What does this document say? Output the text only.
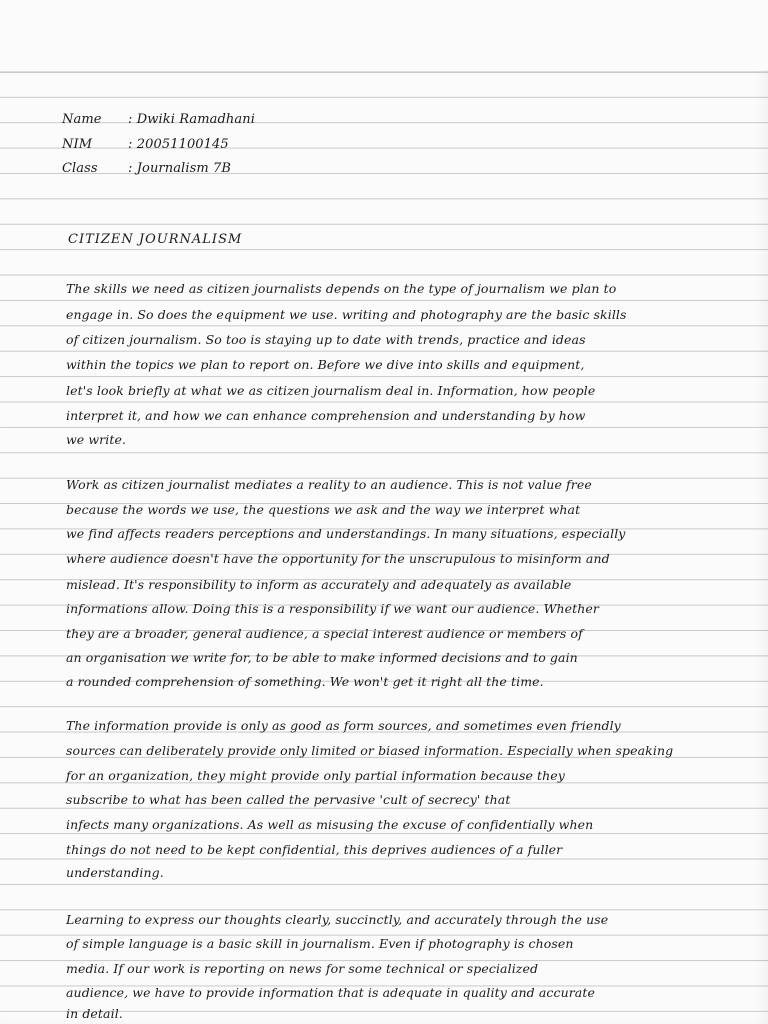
Name : Dwiki Ramadhani
NIM	: 20051100145
Class : Journalism 7B
CITIZEN JOURNALISM
The skills we need as citizen journalists depends on the type of journalism we plan to
engage in. So does the equipment we use. writing and photography are the basic skills
of citizen journalism. So too is staying up to date with trends, practice and ideas
within the topics we plan to report on. Before we dive into skills and equipment,
let's look briefly at what we as citizen journalism deal in. Information, how people
interpret it, and how we can enhance comprehension and understanding by how
we write.
Work as citizen journalist mediates a reality to an audience. This is not value free
because the words we use, the questions we ask and the way we interpret what
we find affects readers perceptions and understandings. In many situations, especially
where audience doesn't have the opportunity for the unscrupulous to misinform and
mislead. It's responsibility to inform as accurately and adequately as available
informations allow. Doing this is a responsibility if we want our audience. Whether
they are a broader, general audience, a special interest audience or members of
an organisation we write for, to be able to make informed decisions and to gain
a rounded comprehension of something. We won't get it right all the time.
The information provide is only as good as form sources, and sometimes even friendly
sources can deliberately provide only limited or biased information. Especially when speaking
for an organization, they might provide only partial information because they
subscribe to what has been called the pervasive 'cult of secrecy' that
infects many organizations. As well as misusing the excuse of confidentially when
things do not need to be kept confidential, this deprives audiences of a fuller
understanding.
Learning to express our thoughts clearly, succinctly, and accurately through the use
of simple language is a basic skill in journalism. Even if photography is chosen
media. If our work is reporting on news for some technical or specialized
audience, we have to provide information that is adequate in quality and accurate
in detail.
